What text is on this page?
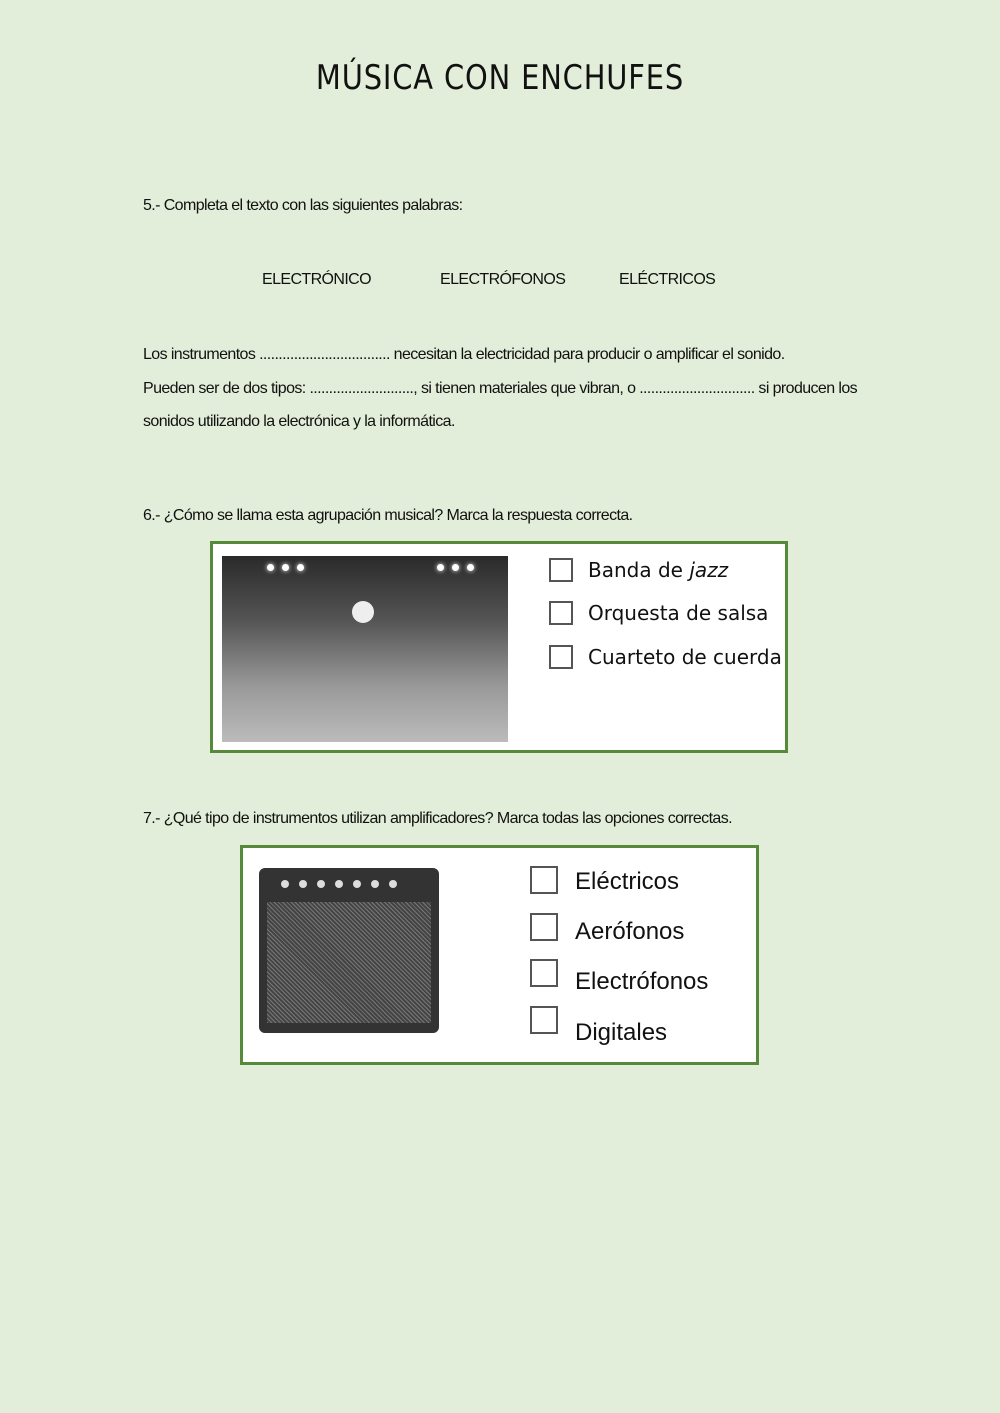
MÚSICA CON ENCHUFES
5.- Completa el texto con las siguientes palabras:
ELECTRÓNICO	ELECTRÓFONOS	ELÉCTRICOS
Los instrumentos .................................. necesitan la electricidad para producir o amplificar el sonido.
Pueden ser de dos tipos: ..........................., si tienen materiales que vibran, o .............................. si producen los
sonidos utilizando la electrónica y la informática.
6.- ¿Cómo se llama esta agrupación musical? Marca la respuesta correcta.
Banda de jazz
Orquesta de salsa
Cuarteto de cuerda
7.- ¿Qué tipo de instrumentos utilizan amplificadores? Marca todas las opciones correctas.
Eléctricos
Aerófonos
Electrófonos
Digitales
